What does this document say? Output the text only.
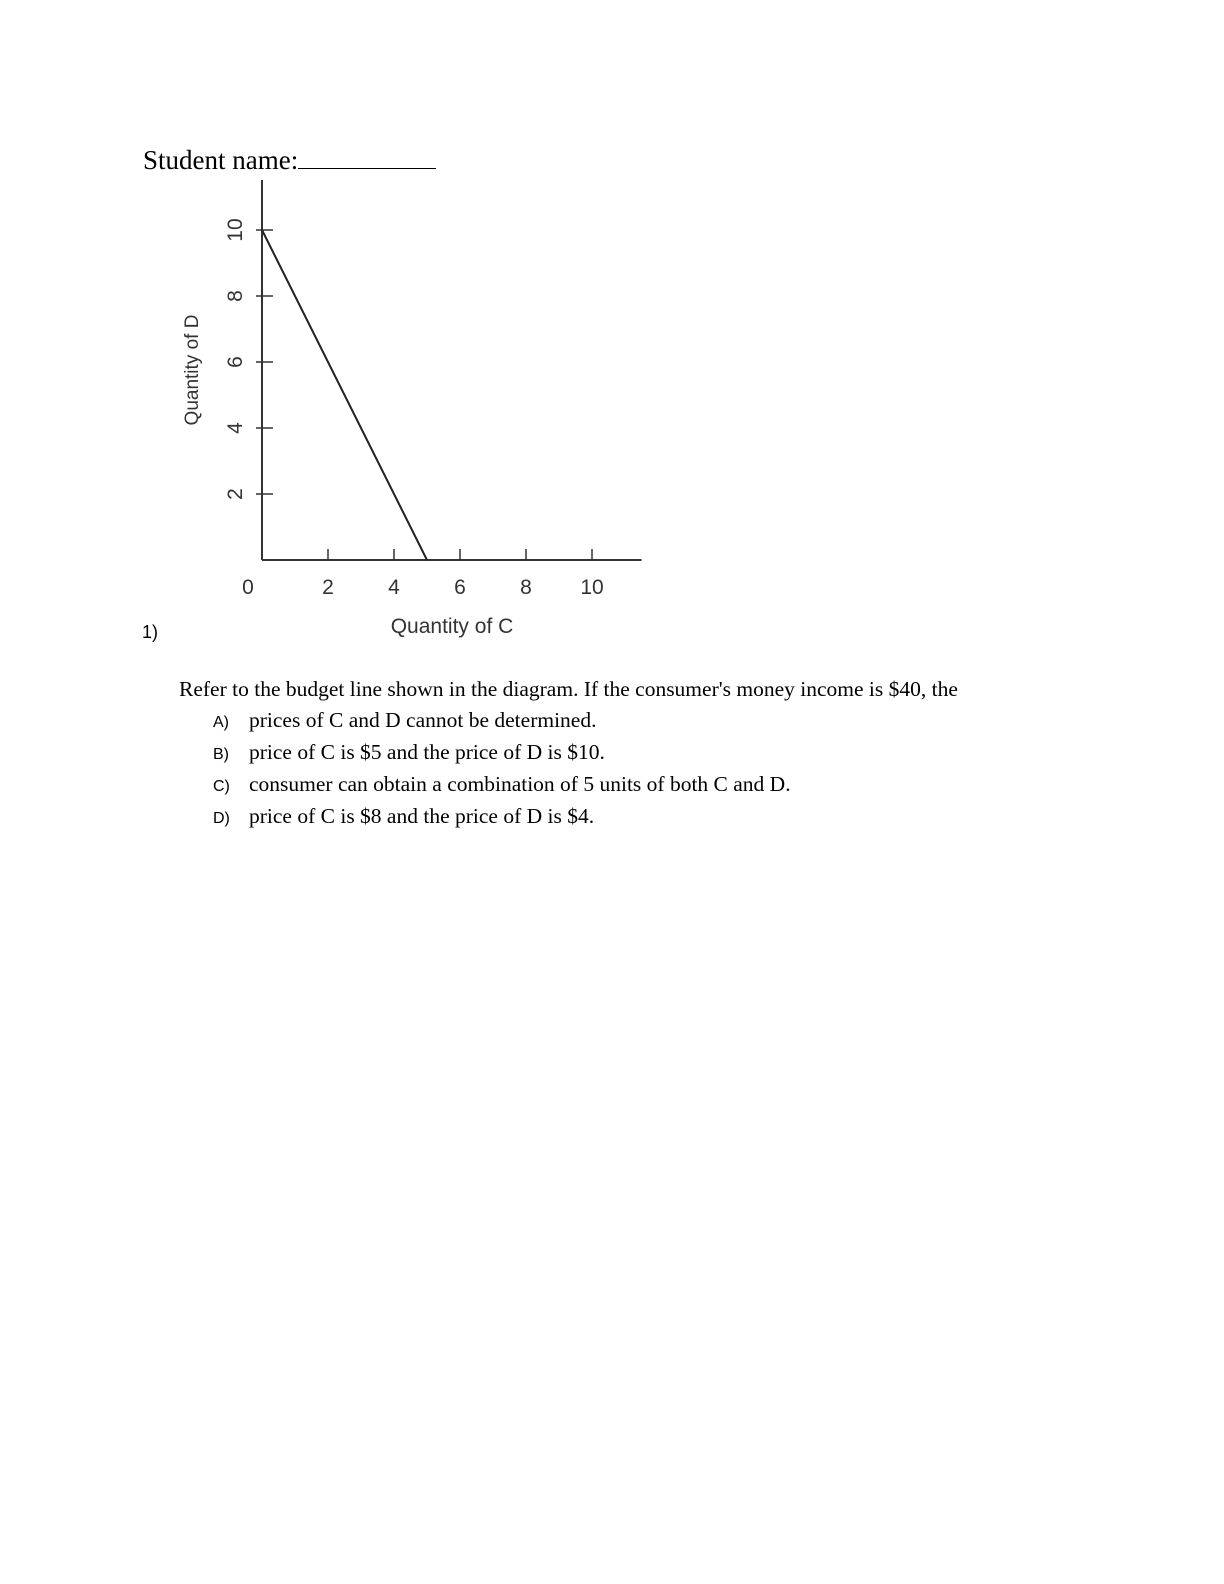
Student name:
0	2	4	6	8 10
2
4
6
8
10
Quantity of C
Quantity of D
1)
Refer to the budget line shown in the diagram. If the consumer's money income is $40, the
A) prices of C and D cannot be determined.
B) price of C is $5 and the price of D is $10.
C) consumer can obtain a combination of 5 units of both C and D.
D) price of C is $8 and the price of D is $4.
